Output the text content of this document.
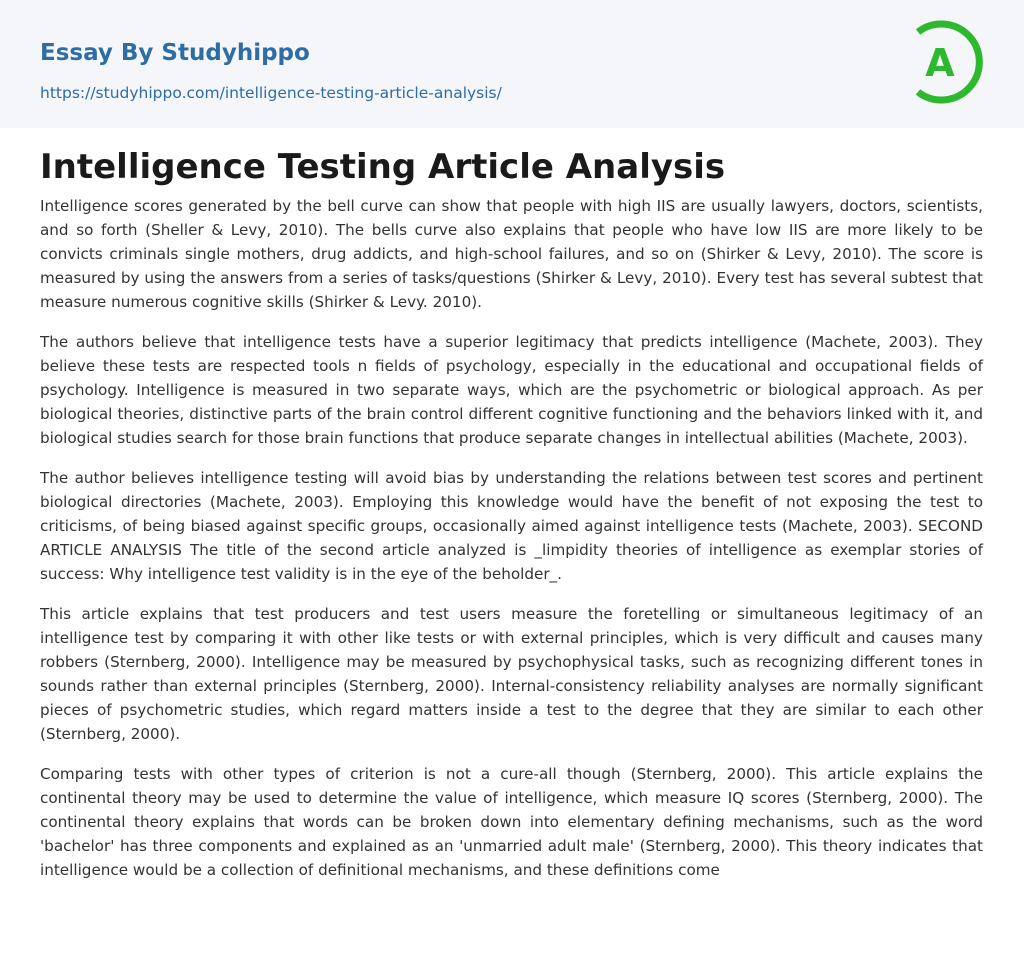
Essay By Studyhippo
https://studyhippo.com/intelligence-testing-article-analysis/
A
Intelligence Testing Article Analysis

Intelligence scores generated by the bell curve can show that people with high IIS are usually lawyers, doctors, scientists, and so forth (Sheller & Levy, 2010). The bells curve also explains that people who have low IIS are more likely to be convicts criminals single mothers, drug addicts, and high-school failures, and so on (Shirker & Levy, 2010). The score is measured by using the answers from a series of tasks/questions (Shirker & Levy, 2010). Every test has several subtest that measure numerous cognitive skills (Shirker & Levy. 2010).

The authors believe that intelligence tests have a superior legitimacy that predicts intelligence (Machete, 2003). They believe these tests are respected tools n fields of psychology, especially in the educational and occupational fields of psychology. Intelligence is measured in two separate ways, which are the psychometric or biological approach. As per biological theories, distinctive parts of the brain control different cognitive functioning and the behaviors linked with it, and biological studies search for those brain functions that produce separate changes in intellectual abilities (Machete, 2003).

The author believes intelligence testing will avoid bias by understanding the relations between test scores and pertinent biological directories (Machete, 2003). Employing this knowledge would have the benefit of not exposing the test to criticisms, of being biased against specific groups, occasionally aimed against intelligence tests (Machete, 2003). SECOND ARTICLE ANALYSIS The title of the second article analyzed is _limpidity theories of intelligence as exemplar stories of success: Why intelligence test validity is in the eye of the beholder_.

This article explains that test producers and test users measure the foretelling or simultaneous legitimacy of an intelligence test by comparing it with other like tests or with external principles, which is very difficult and causes many robbers (Sternberg, 2000). Intelligence may be measured by psychophysical tasks, such as recognizing different tones in sounds rather than external principles (Sternberg, 2000). Internal-consistency reliability analyses are normally significant pieces of psychometric studies, which regard matters inside a test to the degree that they are similar to each other (Sternberg, 2000).

Comparing tests with other types of criterion is not a cure-all though (Sternberg, 2000). This article explains the continental theory may be used to determine the value of intelligence, which measure IQ scores (Sternberg, 2000). The continental theory explains that words can be broken down into elementary defining mechanisms, such as the word 'bachelor' has three components and explained as an 'unmarried adult male' (Sternberg, 2000). This theory indicates that intelligence would be a collection of definitional mechanisms, and these definitions come
